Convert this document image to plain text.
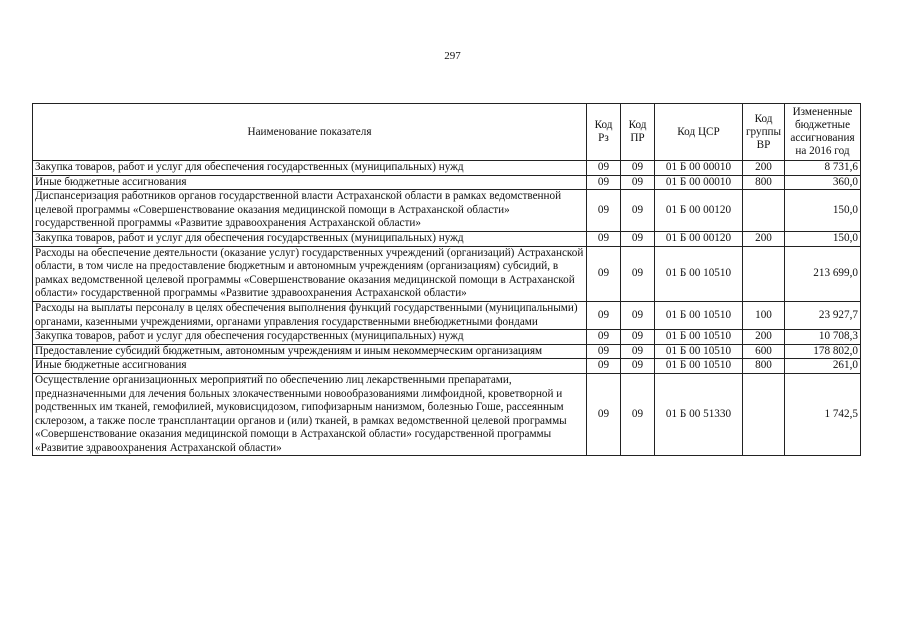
297
Наименование показателя	Код Рз	Код ПР	Код ЦСР	Код группы ВР	Измененные бюджетные ассигнования на 2016 год
Закупка товаров, работ и услуг для обеспечения государственных (муниципальных) нужд	09	09	01 Б 00 00010	200	8 731,6
Иные бюджетные ассигнования	09	09	01 Б 00 00010	800	360,0
Диспансеризация работников органов государственной власти Астраханской области в рамках ведомственной целевой программы «Совершенствование оказания медицинской помощи в Астраханской области» государственной программы «Развитие здравоохранения Астраханской области»	09	09	01 Б 00 00120		150,0
Закупка товаров, работ и услуг для обеспечения государственных (муниципальных) нужд	09	09	01 Б 00 00120	200	150,0
Расходы на обеспечение деятельности (оказание услуг) государственных учреждений (организаций) Астраханской области, в том числе на предоставление бюджетным и автономным учреждениям (организациям) субсидий, в рамках ведомственной целевой программы «Совершенствование оказания медицинской помощи в Астраханской области» государственной программы «Развитие здравоохранения Астраханской области»	09	09	01 Б 00 10510		213 699,0
Расходы на выплаты персоналу в целях обеспечения выполнения функций государственными (муниципальными) органами, казенными учреждениями, органами управления государственными внебюджетными фондами	09	09	01 Б 00 10510	100	23 927,7
Закупка товаров, работ и услуг для обеспечения государственных (муниципальных) нужд	09	09	01 Б 00 10510	200	10 708,3
Предоставление субсидий бюджетным, автономным учреждениям и иным некоммерческим организациям	09	09	01 Б 00 10510	600	178 802,0
Иные бюджетные ассигнования	09	09	01 Б 00 10510	800	261,0
Осуществление организационных мероприятий по обеспечению лиц лекарственными препаратами, предназначенными для лечения больных злокачественными новообразованиями лимфоидной, кроветворной и родственных им тканей, гемофилией, муковисцидозом, гипофизарным нанизмом, болезнью Гоше, рассеянным склерозом, а также после трансплантации органов и (или) тканей, в рамках ведомственной целевой программы «Совершенствование оказания медицинской помощи в Астраханской области» государственной программы «Развитие здравоохранения Астраханской области»	09	09	01 Б 00 51330		1 742,5
